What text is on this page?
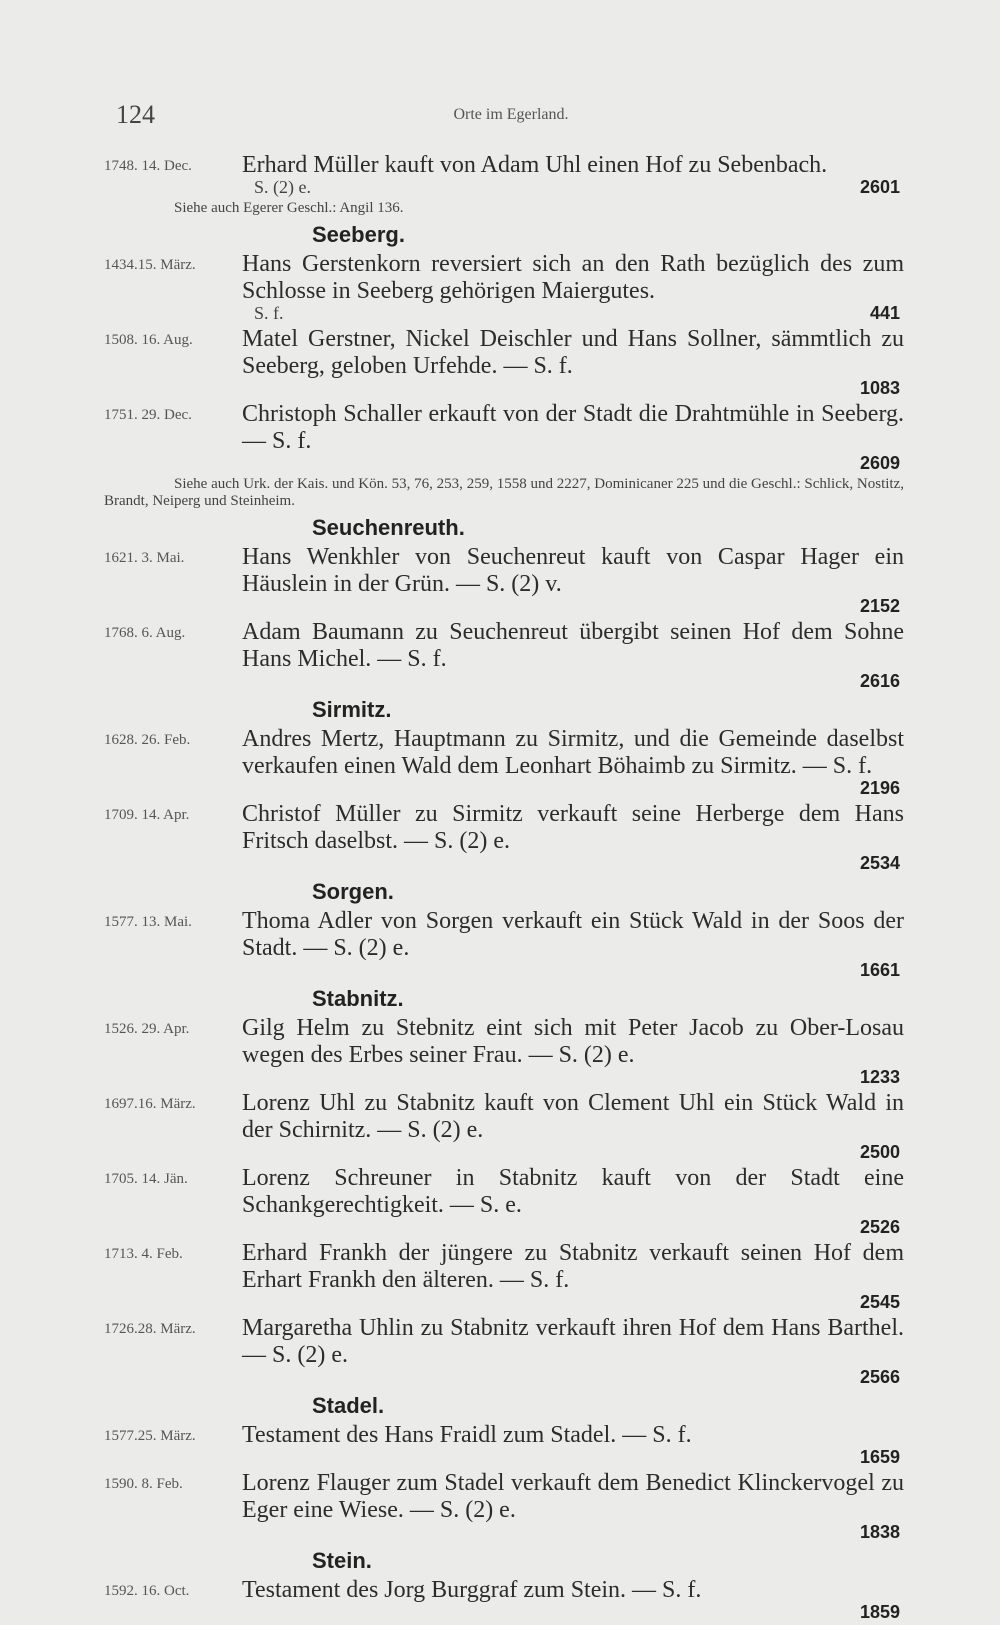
124	Orte im Egerland.
1748. 14. Dec.	Erhard Müller kauft von Adam Uhl einen Hof zu Sebenbach.
S. (2) e.	2601
Siehe auch Egerer Geschl.: Angil 136.
Seeberg.
1434.15. März.	Hans Gerstenkorn reversiert sich an den Rath bezüglich des zum Schlosse in Seeberg gehörigen Maiergutes.
S. f.	441
1508. 16. Aug.	Matel Gerstner, Nickel Deischler und Hans Sollner, sämmtlich zu Seeberg, geloben Urfehde. — S. f.
1083
1751. 29. Dec.	Christoph Schaller erkauft von der Stadt die Drahtmühle in Seeberg. — S. f.
2609
Siehe auch Urk. der Kais. und Kön. 53, 76, 253, 259, 1558 und 2227, Dominicaner 225 und die Geschl.: Schlick, Nostitz, Brandt, Neiperg und Steinheim.
Seuchenreuth.
1621. 3. Mai.	Hans Wenkhler von Seuchenreut kauft von Caspar Hager ein Häuslein in der Grün. — S. (2) v.
2152
1768. 6. Aug.	Adam Baumann zu Seuchenreut übergibt seinen Hof dem Sohne Hans Michel. — S. f.
2616
Sirmitz.
1628. 26. Feb.	Andres Mertz, Hauptmann zu Sirmitz, und die Gemeinde daselbst verkaufen einen Wald dem Leonhart Böhaimb zu Sirmitz. — S. f.
2196
1709. 14. Apr.	Christof Müller zu Sirmitz verkauft seine Herberge dem Hans Fritsch daselbst. — S. (2) e.
2534
Sorgen.
1577. 13. Mai.	Thoma Adler von Sorgen verkauft ein Stück Wald in der Soos der Stadt. — S. (2) e.
1661
Stabnitz.
1526. 29. Apr.	Gilg Helm zu Stebnitz eint sich mit Peter Jacob zu Ober-Losau wegen des Erbes seiner Frau. — S. (2) e.
1233
1697.16. März.	Lorenz Uhl zu Stabnitz kauft von Clement Uhl ein Stück Wald in der Schirnitz. — S. (2) e.
2500
1705. 14. Jän.	Lorenz Schreuner in Stabnitz kauft von der Stadt eine Schankgerechtigkeit. — S. e.
2526
1713. 4. Feb.	Erhard Frankh der jüngere zu Stabnitz verkauft seinen Hof dem Erhart Frankh den älteren. — S. f.
2545
1726.28. März.	Margaretha Uhlin zu Stabnitz verkauft ihren Hof dem Hans Barthel. — S. (2) e.
2566
Stadel.
1577.25. März.	Testament des Hans Fraidl zum Stadel. — S. f.
1659
1590. 8. Feb.	Lorenz Flauger zum Stadel verkauft dem Benedict Klinckervogel zu Eger eine Wiese. — S. (2) e.
1838
Stein.
1592. 16. Oct.	Testament des Jorg Burggraf zum Stein. — S. f.
1859
